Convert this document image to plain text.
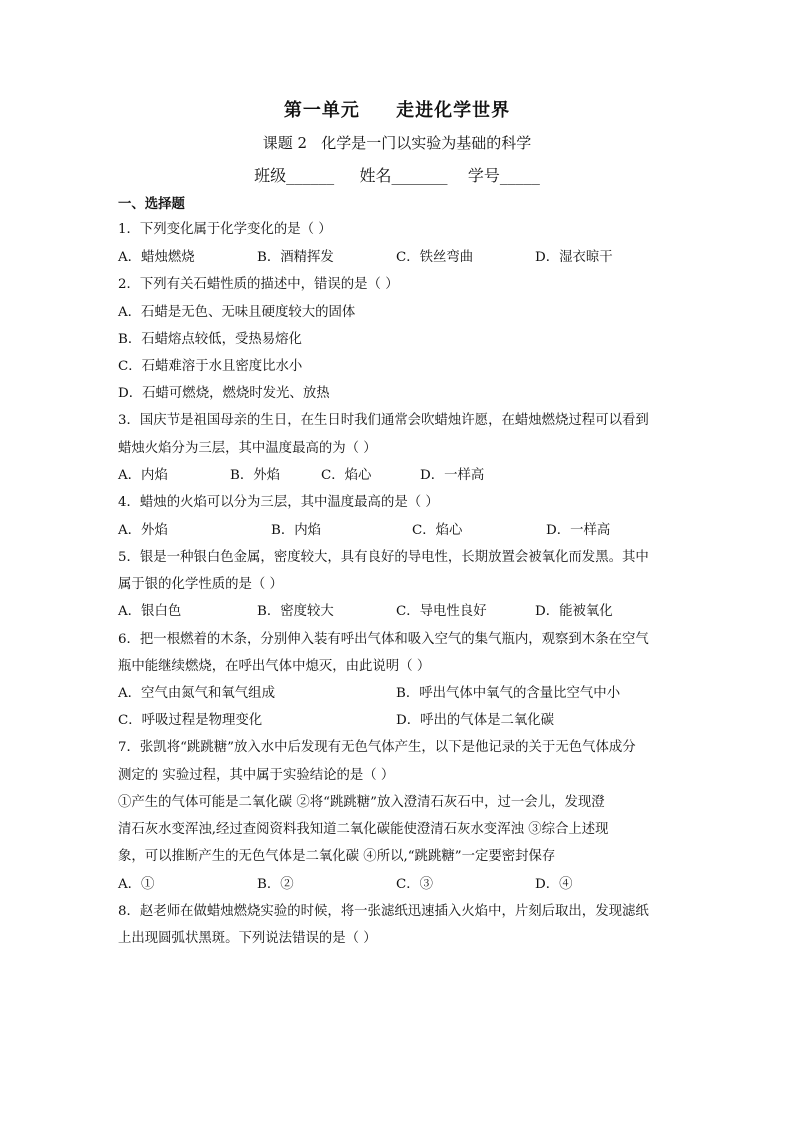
第一单元     走进化学世界
课题 2   化学是一门以实验为基础的科学
班级______     姓名_______    学号_____
一、选择题
1．下列变化属于化学变化的是（ ）
A．蜡烛燃烧	B．酒精挥发	C．铁丝弯曲	D．湿衣晾干
2．下列有关石蜡性质的描述中，错误的是（ ）
A．石蜡是无色、无味且硬度较大的固体
B．石蜡熔点较低，受热易熔化
C．石蜡难溶于水且密度比水小
D．石蜡可燃烧，燃烧时发光、放热
3．国庆节是祖国母亲的生日，在生日时我们通常会吹蜡烛许愿，在蜡烛燃烧过程可以看到
蜡烛火焰分为三层，其中温度最高的为（ ）
A．内焰	B．外焰	C．焰心	D．一样高
4．蜡烛的火焰可以分为三层，其中温度最高的是（ ）
A．外焰	B．内焰	C．焰心	D．一样高
5．银是一种银白色金属，密度较大，具有良好的导电性，长期放置会被氧化而发黑。其中
属于银的化学性质的是（ ）
A．银白色	B．密度较大	C．导电性良好	D．能被氧化
6．把一根燃着的木条，分别伸入装有呼出气体和吸入空气的集气瓶内，观察到木条在空气
瓶中能继续燃烧，在呼出气体中熄灭，由此说明（ ）
A．空气由氮气和氧气组成	B．呼出气体中氧气的含量比空气中小
C．呼吸过程是物理变化	D．呼出的气体是二氧化碳
7．张凯将“跳跳糖”放入水中后发现有无色气体产生，以下是他记录的关于无色气体成分
测定的 实验过程，其中属于实验结论的是（ ）
①产生的气体可能是二氧化碳 ②将“跳跳糖”放入澄清石灰石中，过一会儿，发现澄
清石灰水变浑浊,经过查阅资料我知道二氧化碳能使澄清石灰水变浑浊 ③综合上述现
象，可以推断产生的无色气体是二氧化碳 ④所以,“跳跳糖”一定要密封保存
A．①	B．②	C．③	D．④
8．赵老师在做蜡烛燃烧实验的时候，将一张滤纸迅速插入火焰中，片刻后取出，发现滤纸
上出现圆弧状黑斑。下列说法错误的是（ ）
